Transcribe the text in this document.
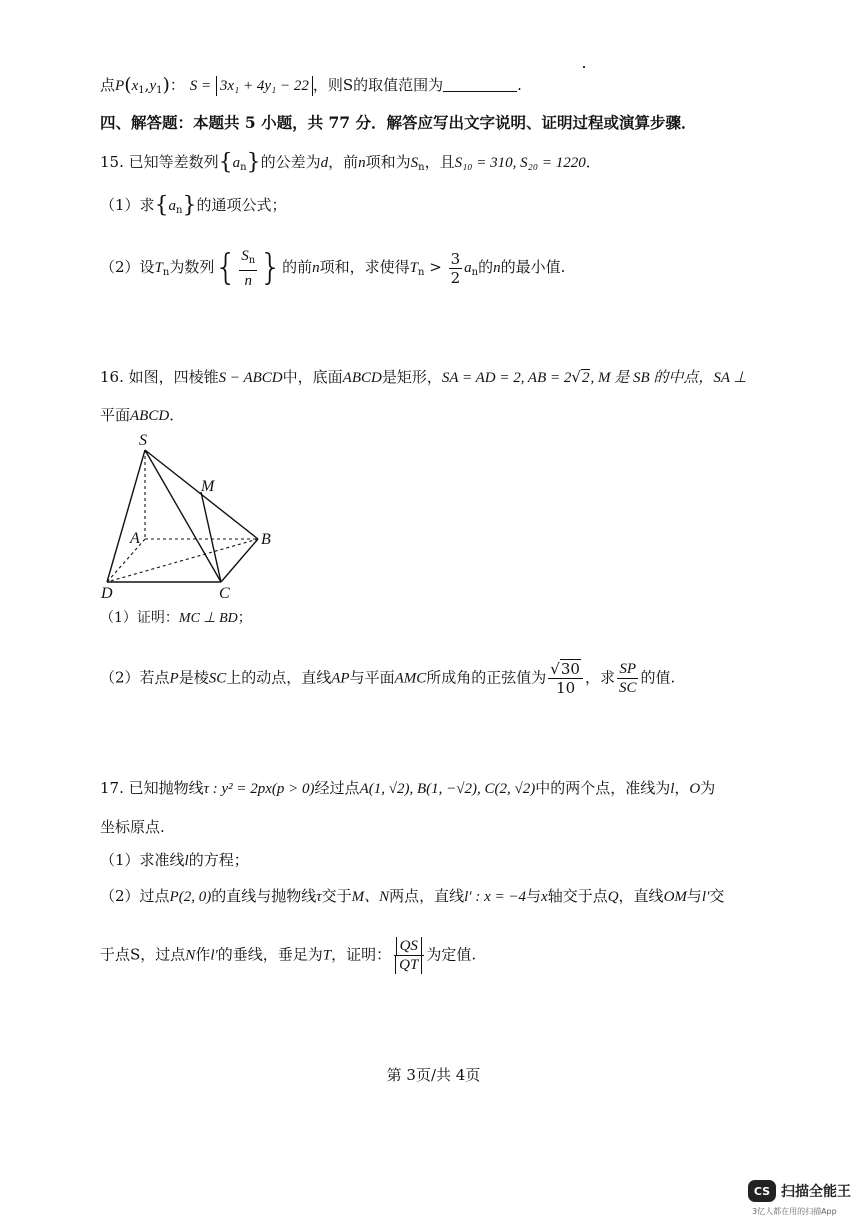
点$P(x_1,y_1)$： S = 3x₁ + 4y₁ − 22 ，则S的取值范围为	.
四、解答题：本题共 5 小题，共 77 分．解答应写出文字说明、证明过程或演算步骤．
15. 已知等差数列$\{a_n\}$的公差为d，前n项和为$S_n$，且S₁₀ = 310, S₂₀ = 1220．
（1）求$\{a_n\}$的通项公式；
（2）设$T_n$为数列{ $\frac{S_n}{n}$ }的前n项和，求使得$T_n > \frac{3}{2} a_n$的n的最小值.
16. 如图，四棱锥S − ABCD中，底面ABCD是矩形，SA = AD = 2, AB = 2√2, M 是 SB 的中点，SA ⊥
平面ABCD．
S
M
A	B
C
D
（1）证明：MC ⊥ BD；
（2）若点P是棱SC上的动点，直线AP与平面AMC所成角的正弦值为 $\frac{√30}{10}$ ，求 $\frac{SP}{SC}$ 的值.
17. 已知抛物线τ : y² = 2px(p > 0)经过点A(1, √2), B(1, −√2), C(2, √2)中的两个点，准线为l，O为
坐标原点.
（1）求准线l的方程；
（2）过点P(2, 0)的直线与抛物线τ交于M、N两点，直线l′ : x = −4与x轴交于点Q，直线OM与l′交
于点S，过点N作l′的垂线，垂足为T，证明： $\frac{QS}{QT}$ 为定值.
第 3页/共 4页
CS 扫描全能王
3亿人都在用的扫描App
